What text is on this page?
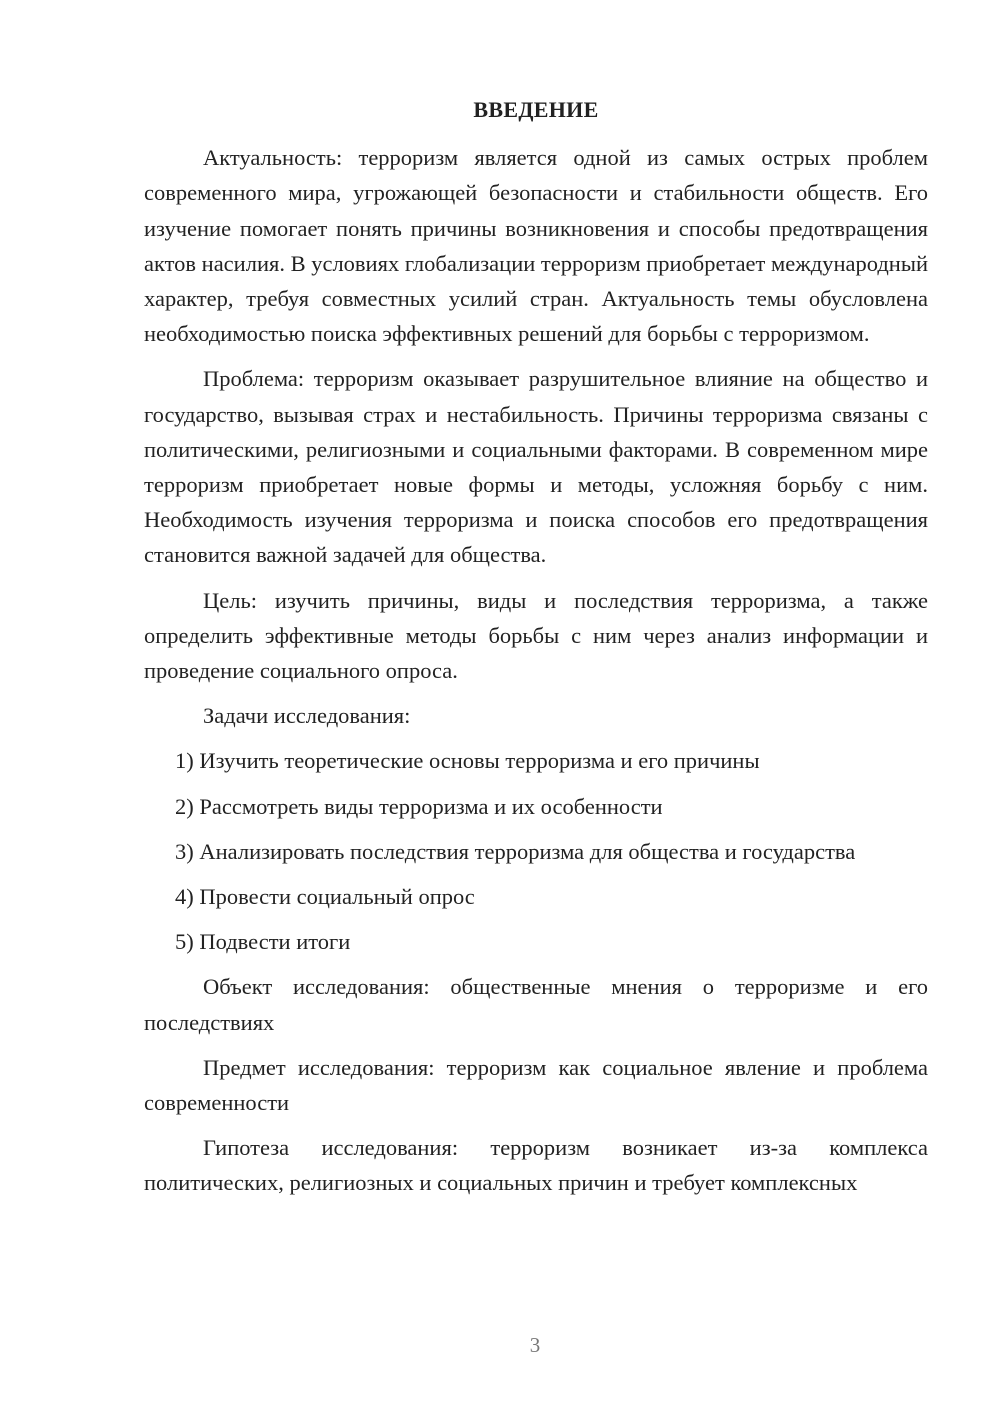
ВВЕДЕНИЕ

Актуальность: терроризм является одной из самых острых проблем современного мира, угрожающей безопасности и стабильности обществ. Его изучение помогает понять причины возникновения и способы предотвращения актов насилия. В условиях глобализации терроризм приобретает международный характер, требуя совместных усилий стран. Актуальность темы обусловлена необходимостью поиска эффективных решений для борьбы с терроризмом.

Проблема: терроризм оказывает разрушительное влияние на общество и государство, вызывая страх и нестабильность. Причины терроризма связаны с политическими, религиозными и социальными факторами. В современном мире терроризм приобретает новые формы и методы, усложняя борьбу с ним. Необходимость изучения терроризма и поиска способов его предотвращения становится важной задачей для общества.

Цель: изучить причины, виды и последствия терроризма, а также определить эффективные методы борьбы с ним через анализ информации и проведение социального опроса.

Задачи исследования:

1) Изучить теоретические основы терроризма и его причины

2) Рассмотреть виды терроризма и их особенности

3) Анализировать последствия терроризма для общества и государства

4) Провести социальный опрос

5) Подвести итоги

Объект исследования: общественные мнения о терроризме и его последствиях

Предмет исследования: терроризм как социальное явление и проблема современности

Гипотеза исследования: терроризм возникает из-за комплекса политических, религиозных и социальных причин и требует комплексных

3
